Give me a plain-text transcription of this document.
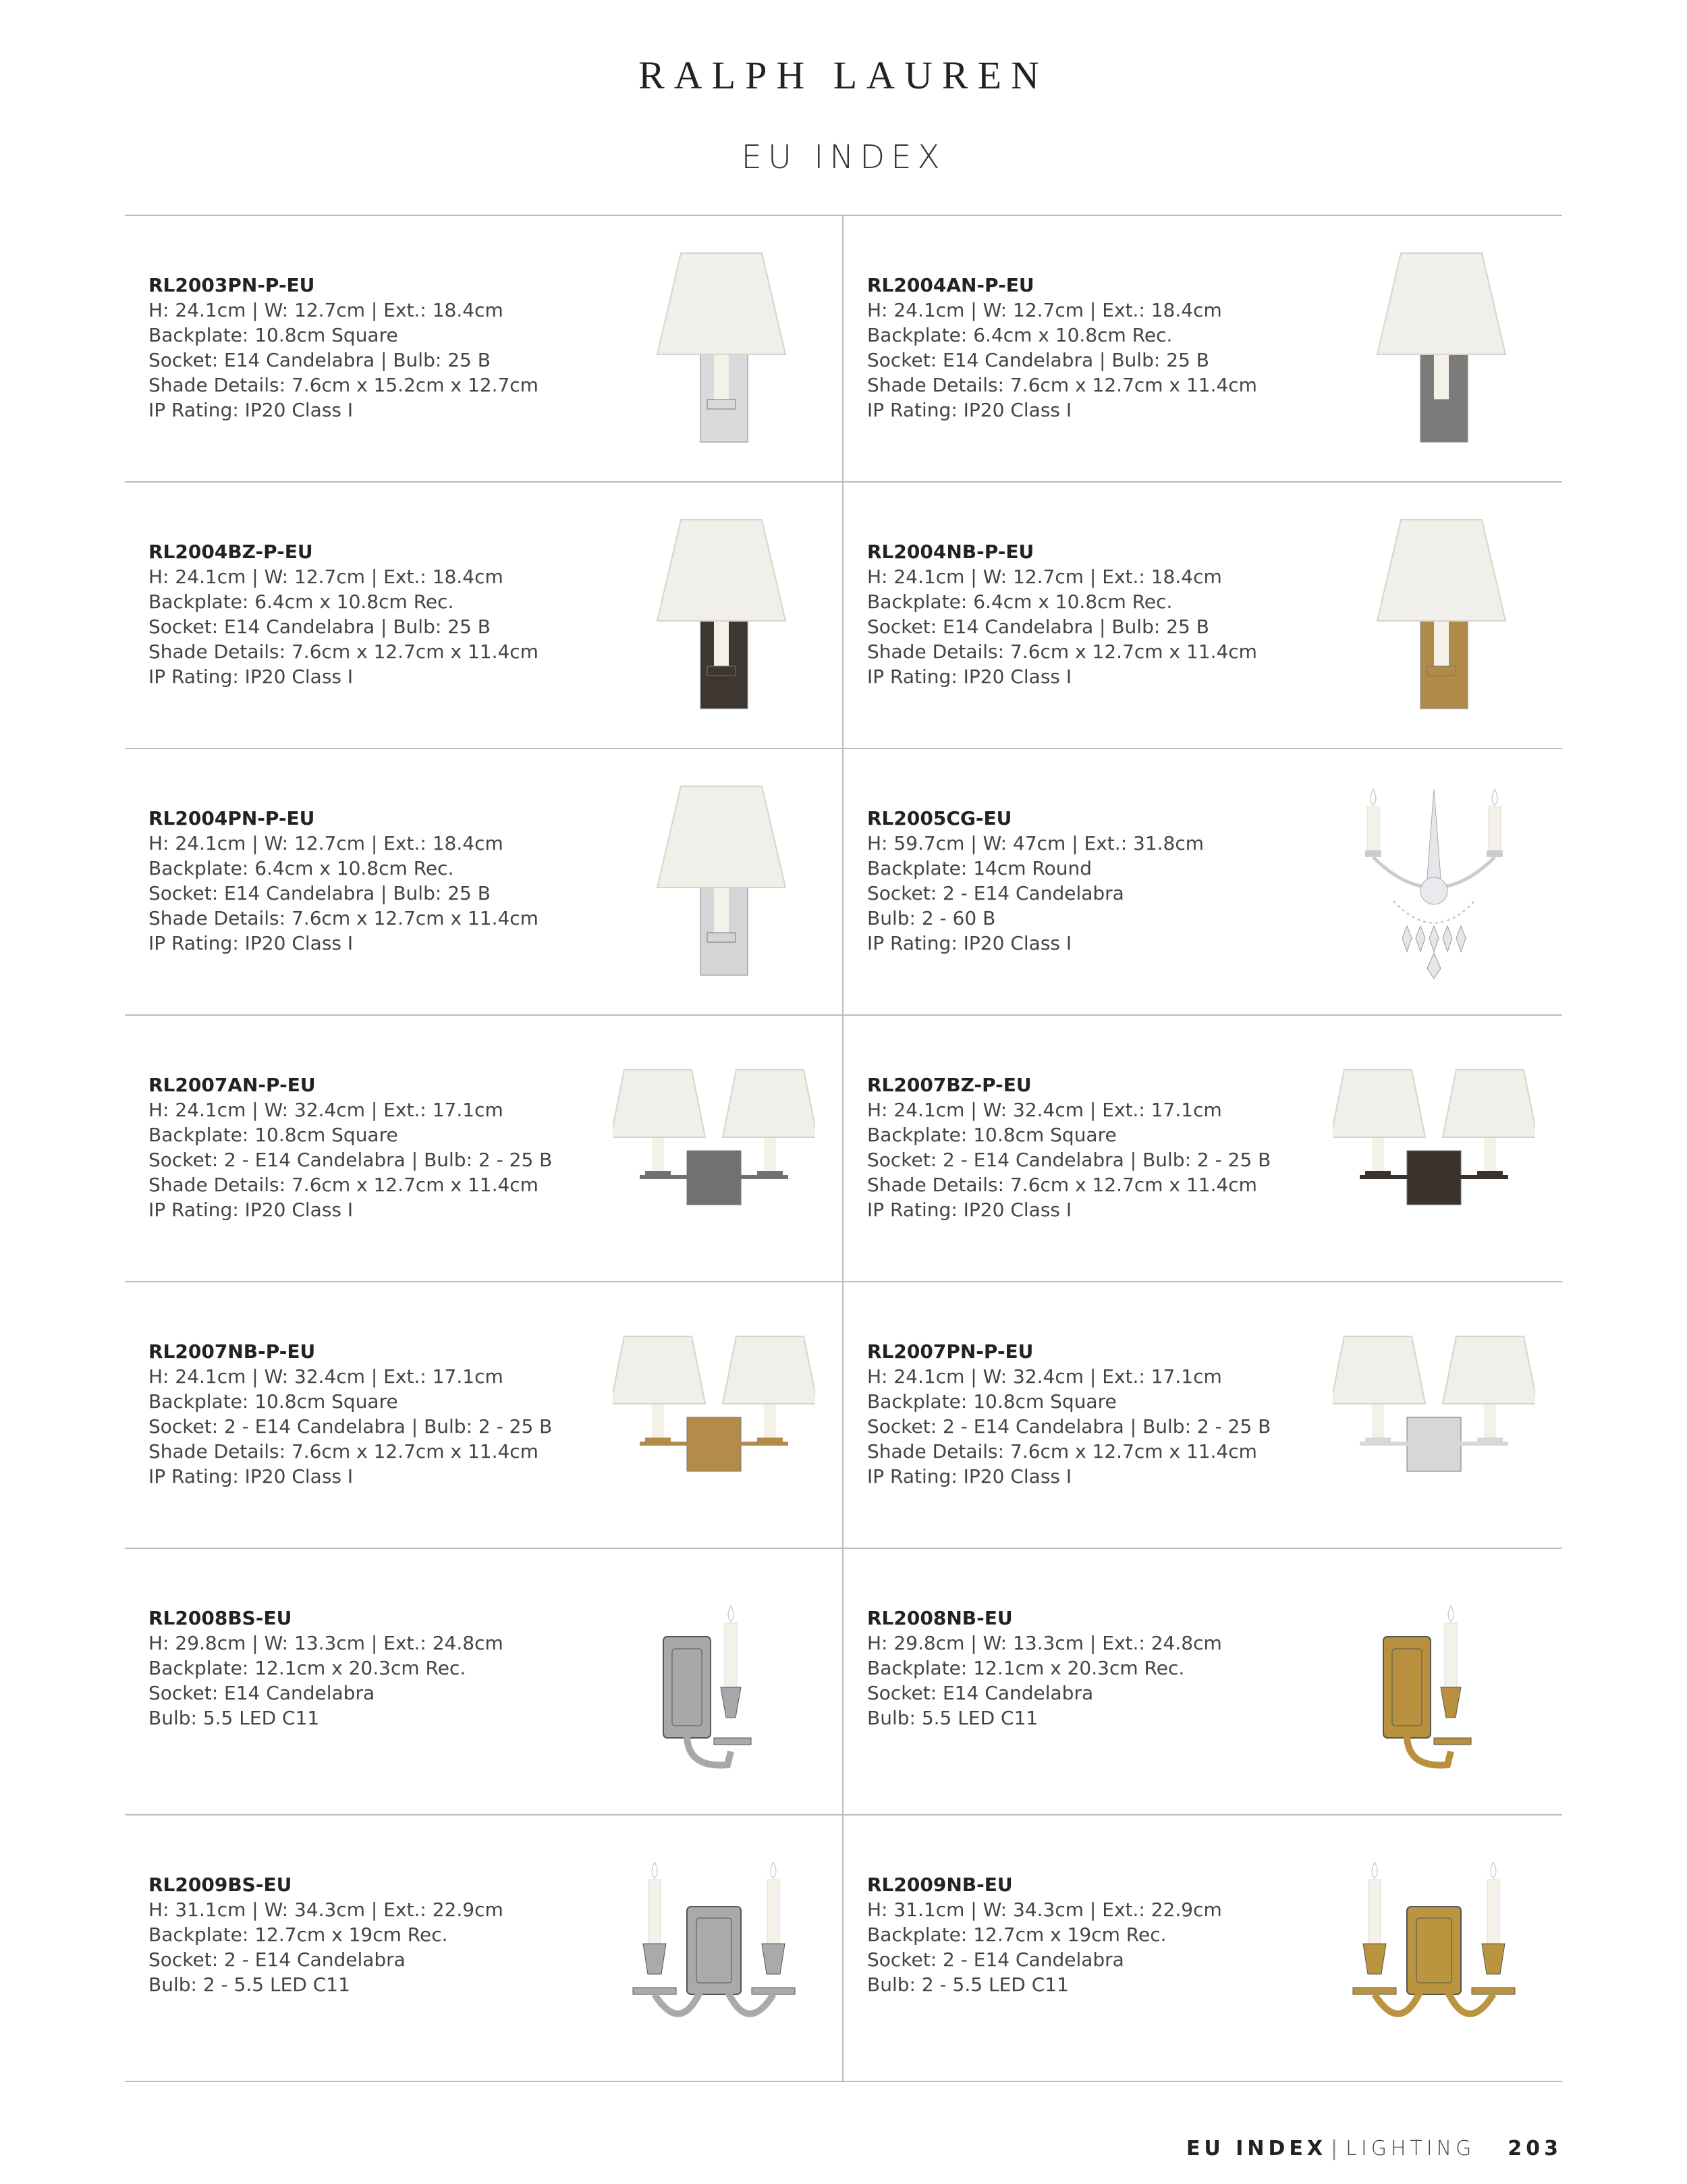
RALPH LAUREN
EU INDEX
RL2003PN-P-EU
H: 24.1cm | W: 12.7cm | Ext.: 18.4cm
Backplate: 10.8cm Square
Socket: E14 Candelabra | Bulb: 25 B
Shade Details: 7.6cm x 15.2cm x 12.7cm
IP Rating: IP20 Class I
RL2004AN-P-EU
H: 24.1cm | W: 12.7cm | Ext.: 18.4cm
Backplate: 6.4cm x 10.8cm Rec.
Socket: E14 Candelabra | Bulb: 25 B
Shade Details: 7.6cm x 12.7cm x 11.4cm
IP Rating: IP20 Class I
RL2004BZ-P-EU
H: 24.1cm | W: 12.7cm | Ext.: 18.4cm
Backplate: 6.4cm x 10.8cm Rec.
Socket: E14 Candelabra | Bulb: 25 B
Shade Details: 7.6cm x 12.7cm x 11.4cm
IP Rating: IP20 Class I
RL2004NB-P-EU
H: 24.1cm | W: 12.7cm | Ext.: 18.4cm
Backplate: 6.4cm x 10.8cm Rec.
Socket: E14 Candelabra | Bulb: 25 B
Shade Details: 7.6cm x 12.7cm x 11.4cm
IP Rating: IP20 Class I
RL2004PN-P-EU
H: 24.1cm | W: 12.7cm | Ext.: 18.4cm
Backplate: 6.4cm x 10.8cm Rec.
Socket: E14 Candelabra | Bulb: 25 B
Shade Details: 7.6cm x 12.7cm x 11.4cm
IP Rating: IP20 Class I
RL2005CG-EU
H: 59.7cm | W: 47cm | Ext.: 31.8cm
Backplate: 14cm Round
Socket: 2 - E14 Candelabra
Bulb: 2 - 60 B
IP Rating: IP20 Class I
RL2007AN-P-EU
H: 24.1cm | W: 32.4cm | Ext.: 17.1cm
Backplate: 10.8cm Square
Socket: 2 - E14 Candelabra | Bulb: 2 - 25 B
Shade Details: 7.6cm x 12.7cm x 11.4cm
IP Rating: IP20 Class I
RL2007BZ-P-EU
H: 24.1cm | W: 32.4cm | Ext.: 17.1cm
Backplate: 10.8cm Square
Socket: 2 - E14 Candelabra | Bulb: 2 - 25 B
Shade Details: 7.6cm x 12.7cm x 11.4cm
IP Rating: IP20 Class I
RL2007NB-P-EU
H: 24.1cm | W: 32.4cm | Ext.: 17.1cm
Backplate: 10.8cm Square
Socket: 2 - E14 Candelabra | Bulb: 2 - 25 B
Shade Details: 7.6cm x 12.7cm x 11.4cm
IP Rating: IP20 Class I
RL2007PN-P-EU
H: 24.1cm | W: 32.4cm | Ext.: 17.1cm
Backplate: 10.8cm Square
Socket: 2 - E14 Candelabra | Bulb: 2 - 25 B
Shade Details: 7.6cm x 12.7cm x 11.4cm
IP Rating: IP20 Class I
RL2008BS-EU
H: 29.8cm | W: 13.3cm | Ext.: 24.8cm
Backplate: 12.1cm x 20.3cm Rec.
Socket: E14 Candelabra
Bulb: 5.5 LED C11
RL2008NB-EU
H: 29.8cm | W: 13.3cm | Ext.: 24.8cm
Backplate: 12.1cm x 20.3cm Rec.
Socket: E14 Candelabra
Bulb: 5.5 LED C11
RL2009BS-EU
H: 31.1cm | W: 34.3cm | Ext.: 22.9cm
Backplate: 12.7cm x 19cm Rec.
Socket: 2 - E14 Candelabra
Bulb: 2 - 5.5 LED C11
RL2009NB-EU
H: 31.1cm | W: 34.3cm | Ext.: 22.9cm
Backplate: 12.7cm x 19cm Rec.
Socket: 2 - E14 Candelabra
Bulb: 2 - 5.5 LED C11
EU INDEX | LIGHTING 203
